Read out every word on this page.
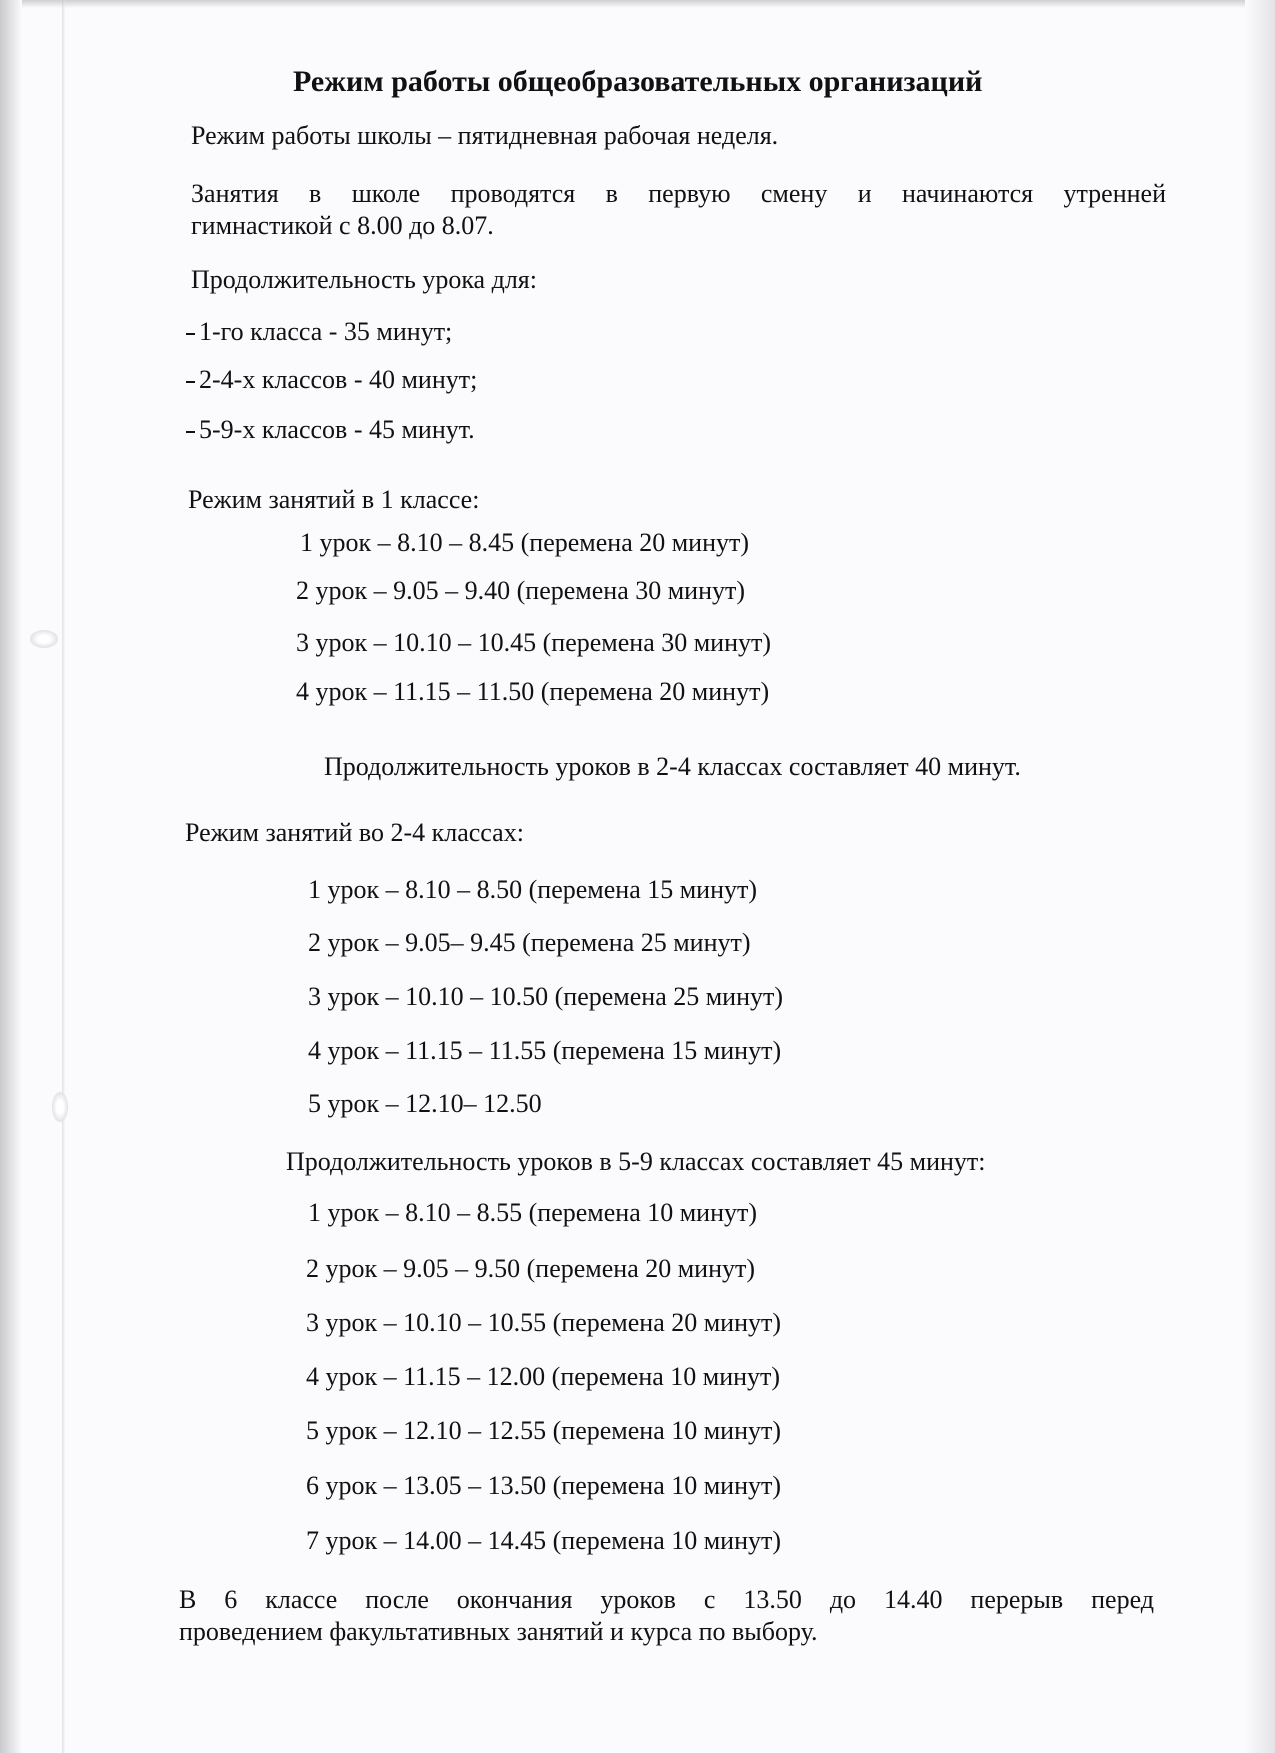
Режим работы общеобразовательных организаций
Режим работы школы – пятидневная рабочая неделя.
Занятия в школе проводятся в первую смену и начинаются утренней
гимнастикой с 8.00 до 8.07.
Продолжительность урока для:
1-го класса - 35 минут;
2-4-х классов - 40 минут;
5-9-х классов - 45 минут.
Режим занятий в 1 классе:
1 урок – 8.10 – 8.45 (перемена 20 минут)
2 урок – 9.05 – 9.40 (перемена 30 минут)
3 урок – 10.10 – 10.45 (перемена 30 минут)
4 урок – 11.15 – 11.50 (перемена 20 минут)
Продолжительность уроков в 2-4 классах составляет 40 минут.
Режим занятий во 2-4 классах:
1 урок – 8.10 – 8.50 (перемена 15 минут)
2 урок – 9.05– 9.45 (перемена 25 минут)
3 урок – 10.10 – 10.50 (перемена 25 минут)
4 урок – 11.15 – 11.55 (перемена 15 минут)
5 урок – 12.10– 12.50
Продолжительность уроков в 5-9 классах составляет 45 минут:
1 урок – 8.10 – 8.55 (перемена 10 минут)
2 урок – 9.05 – 9.50 (перемена 20 минут)
3 урок – 10.10 – 10.55 (перемена 20 минут)
4 урок – 11.15 – 12.00 (перемена 10 минут)
5 урок – 12.10 – 12.55 (перемена 10 минут)
6 урок – 13.05 – 13.50 (перемена 10 минут)
7 урок – 14.00 – 14.45 (перемена 10 минут)
В 6 классе после окончания уроков с 13.50 до 14.40 перерыв перед
проведением факультативных занятий и курса по выбору.
